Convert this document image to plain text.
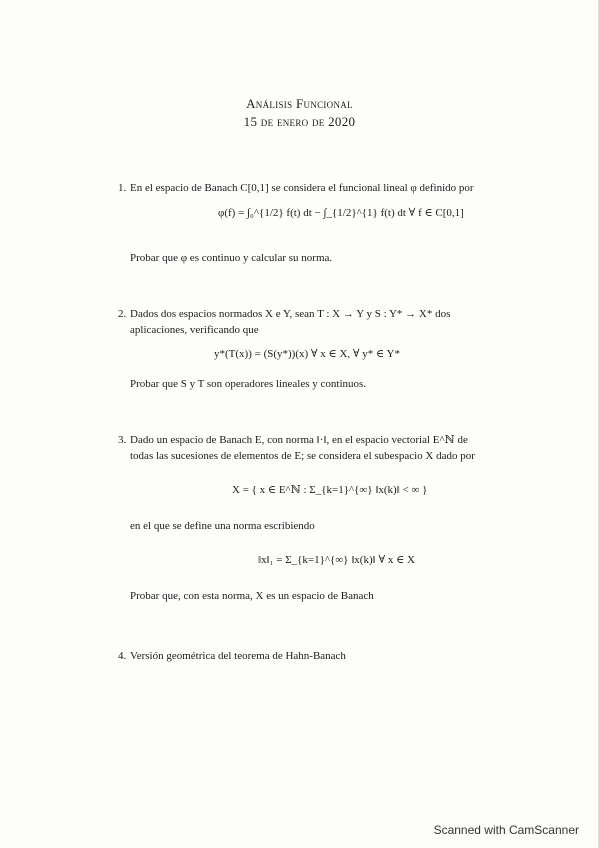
Análisis Funcional
15 de enero de 2020
1. En el espacio de Banach C[0,1] se considera el funcional lineal φ definido por
φ(f) = ∫₀^{1/2} f(t) dt − ∫_{1/2}^{1} f(t) dt ∀ f ∈ C[0,1]
Probar que φ es continuo y calcular su norma.
2. Dados dos espacios normados X e Y, sean T : X → Y y S : Y* → X* dos
aplicaciones, verificando que
y*(T(x)) = (S(y*))(x) ∀ x ∈ X, ∀ y* ∈ Y*
Probar que S y T son operadores lineales y continuos.
3. Dado un espacio de Banach E, con norma ‖·‖, en el espacio vectorial E^ℕ de
todas las sucesiones de elementos de E; se considera el subespacio X dado por
X = { x ∈ E^ℕ : Σ_{k=1}^{∞} ‖x(k)‖ < ∞ }
en el que se define una norma escribiendo
‖x‖₁ = Σ_{k=1}^{∞} ‖x(k)‖ ∀ x ∈ X
Probar que, con esta norma, X es un espacio de Banach
4. Versión geométrica del teorema de Hahn-Banach
Scanned with CamScanner
